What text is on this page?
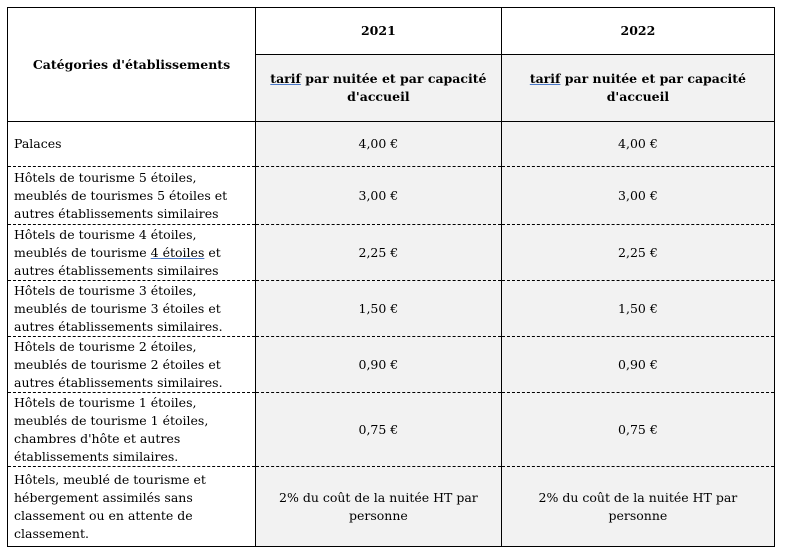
Catégories d'établissements	2021	2022
	tarif par nuitée et par capacité d'accueil	tarif par nuitée et par capacité d'accueil
Palaces	4,00 €	4,00 €
Hôtels de tourisme 5 étoiles, meublés de tourismes 5 étoiles et autres établissements similaires	3,00 €	3,00 €
Hôtels de tourisme 4 étoiles, meublés de tourisme 4 étoiles et autres établissements similaires	2,25 €	2,25 €
Hôtels de tourisme 3 étoiles, meublés de tourisme 3 étoiles et autres établissements similaires.	1,50 €	1,50 €
Hôtels de tourisme 2 étoiles, meublés de tourisme 2 étoiles et autres établissements similaires.	0,90 €	0,90 €
Hôtels de tourisme 1 étoiles, meublés de tourisme 1 étoiles, chambres d'hôte et autres établissements similaires.	0,75 €	0,75 €
Hôtels, meublé de tourisme et hébergement assimilés sans classement ou en attente de classement.	2% du coût de la nuitée HT par personne	2% du coût de la nuitée HT par personne
